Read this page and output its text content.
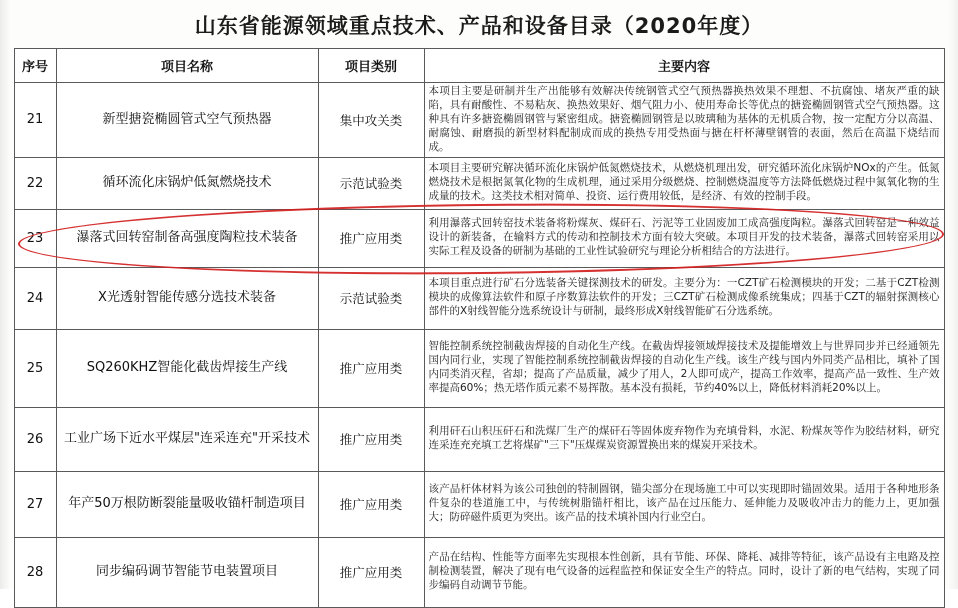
山东省能源领域重点技术、产品和设备目录（2020年度）
序号	项目名称	项目类别	主要内容
21	新型搪瓷椭圆管式空气预热器	集中攻关类	本项目主要是研制并生产出能够有效解决传统钢管式空气预热器换热效果不理想、不抗腐蚀、堵灰严重的缺陷，具有耐酸性、不易粘灰、换热效果好、烟气阻力小、使用寿命长等优点的搪瓷椭圆钢管式空气预热器。这种具有许多搪瓷椭圆钢管与紧密组成。搪瓷椭圆钢管是以玻璃釉为基体的无机质合物，按一定配方分以高温、耐腐蚀、耐磨损的新型材料配制成而成的换热专用受热面与搪在杆杯薄壁钢管的表面，然后在高温下烧结而成。
22	循环流化床锅炉低氮燃烧技术	示范试验类	本项目主要研究解决循环流化床锅炉低氮燃烧技术，从燃烧机理出发，研究循环流化床锅炉NOx的产生。低氮燃烧技术是根据氮氧化物的生成机理，通过采用分级燃烧、控制燃烧温度等方法降低燃烧过程中氮氧化物的生成量的技术。这类技术相对简单、投资、运行费用较低，是经济、有效的控制手段。
23	瀑落式回转窑制备高强度陶粒技术装备	推广应用类	利用瀑落式回转窑技术装备将粉煤灰、煤矸石、污泥等工业固废加工成高强度陶粒。瀑落式回转窑是一种效益设计的新装备，在输料方式的传动和控制技术方面有较大突破。本项目开发的技术装备，瀑落式回转窑采用以实际工程及设备的研制为基础的工业性试验研究与理论分析相结合的方法进行。
24	X光透射智能传感分选技术装备	示范试验类	本项目重点进行矿石分选装备关键探测技术的研发。主要分为：一CZT矿石检测模块的开发；二基于CZT检测模块的成像算法软件和原子序数算法软件的开发；三CZT矿石检测成像系统集成；四基于CZT的辐射探测核心部件的X射线智能分选系统设计与研制，最终形成X射线智能矿石分选系统。
25	SQ260KHZ智能化截齿焊接生产线	推广应用类	智能控制系统控制截齿焊接的自动化生产线。在截齿焊接领域焊接技术及提能增效上与世界同步并已经通领先国内同行业，实现了智能控制系统控制截齿焊接的自动化生产线。该生产线与国内外同类产品相比，填补了国内同类消灭程，省却；提高了产品质量，减少了用人，2人即可成产，提高工作效率，提高产品一致性、生产效率提高60%；热无塔作质元素不易挥散。基本没有损耗，节约40%以上，降低材料消耗20%以上。
26	工业广场下近水平煤层"连采连充"开采技术	推广应用类	利用矸石山积压矸石和洗煤厂生产的煤矸石等固体废弃物作为充填骨料，水泥、粉煤灰等作为胶结材料，研究连采连充充填工艺将煤矿"三下"压煤煤炭资源置换出来的煤炭开采技术。
27	年产50万根防断裂能量吸收锚杆制造项目	推广应用类	该产品杆体材料为该公司独创的特制圆钢，锚尖部分在现场施工中可以实现即时锚固效果。适用于各种地形条件复杂的巷道施工中，与传统树脂锚杆相比，该产品在过压能力、延伸能力及吸收冲击力的能力上，更加强大；防碎磁件质更为突出。该产品的技术填补国内行业空白。
28	同步编码调节智能节电装置项目	推广应用类	产品在结构、性能等方面率先实现根本性创新，具有节能、环保、降耗、减排等特征，该产品设有主电路及控制检测装置，解决了现有电气设备的远程监控和保证安全生产的特点。同时，设计了新的电气结构，实现了同步编码自动调节节能。
